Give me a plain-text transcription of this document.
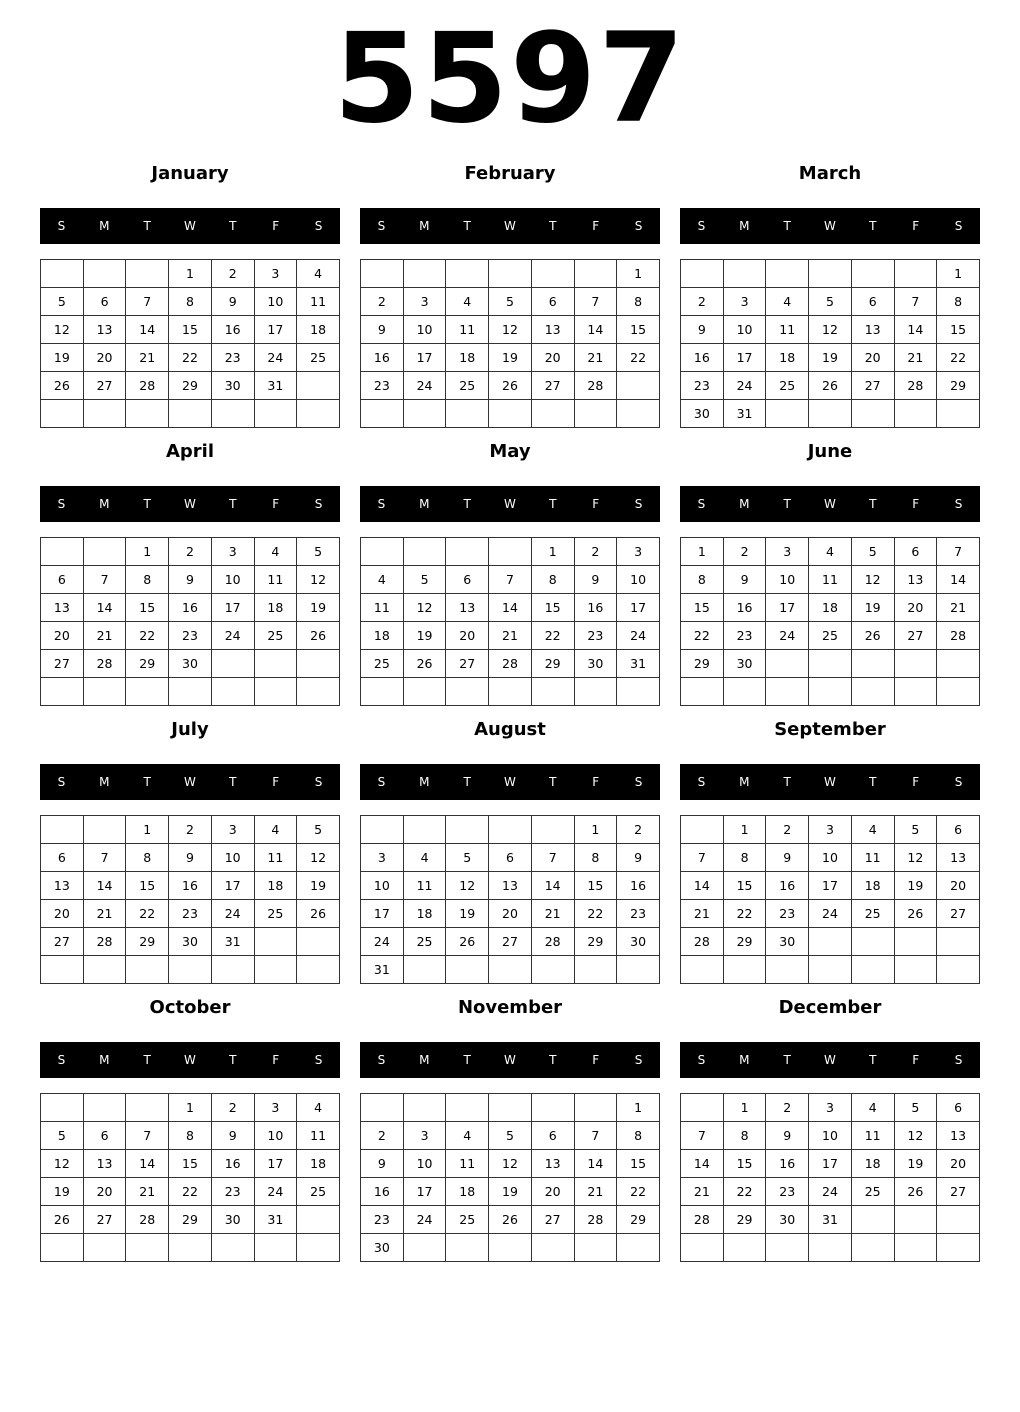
5597
January
S	M	T	W	T	F	S
			1	2	3	4
5	6	7	8	9	10	11
12	13	14	15	16	17	18
19	20	21	22	23	24	25
26	27	28	29	30	31	

February
S	M	T	W	T	F	S
						1
2	3	4	5	6	7	8
9	10	11	12	13	14	15
16	17	18	19	20	21	22
23	24	25	26	27	28	

March
S	M	T	W	T	F	S
						1
2	3	4	5	6	7	8
9	10	11	12	13	14	15
16	17	18	19	20	21	22
23	24	25	26	27	28	29
30	31					
April
S	M	T	W	T	F	S
		1	2	3	4	5
6	7	8	9	10	11	12
13	14	15	16	17	18	19
20	21	22	23	24	25	26
27	28	29	30			

May
S	M	T	W	T	F	S
				1	2	3
4	5	6	7	8	9	10
11	12	13	14	15	16	17
18	19	20	21	22	23	24
25	26	27	28	29	30	31

June
S	M	T	W	T	F	S
1	2	3	4	5	6	7
8	9	10	11	12	13	14
15	16	17	18	19	20	21
22	23	24	25	26	27	28
29	30					

July
S	M	T	W	T	F	S
		1	2	3	4	5
6	7	8	9	10	11	12
13	14	15	16	17	18	19
20	21	22	23	24	25	26
27	28	29	30	31		

August
S	M	T	W	T	F	S
					1	2
3	4	5	6	7	8	9
10	11	12	13	14	15	16
17	18	19	20	21	22	23
24	25	26	27	28	29	30
31						
September
S	M	T	W	T	F	S
	1	2	3	4	5	6
7	8	9	10	11	12	13
14	15	16	17	18	19	20
21	22	23	24	25	26	27
28	29	30				

October
S	M	T	W	T	F	S
			1	2	3	4
5	6	7	8	9	10	11
12	13	14	15	16	17	18
19	20	21	22	23	24	25
26	27	28	29	30	31	

November
S	M	T	W	T	F	S
						1
2	3	4	5	6	7	8
9	10	11	12	13	14	15
16	17	18	19	20	21	22
23	24	25	26	27	28	29
30						
December
S	M	T	W	T	F	S
	1	2	3	4	5	6
7	8	9	10	11	12	13
14	15	16	17	18	19	20
21	22	23	24	25	26	27
28	29	30	31			
